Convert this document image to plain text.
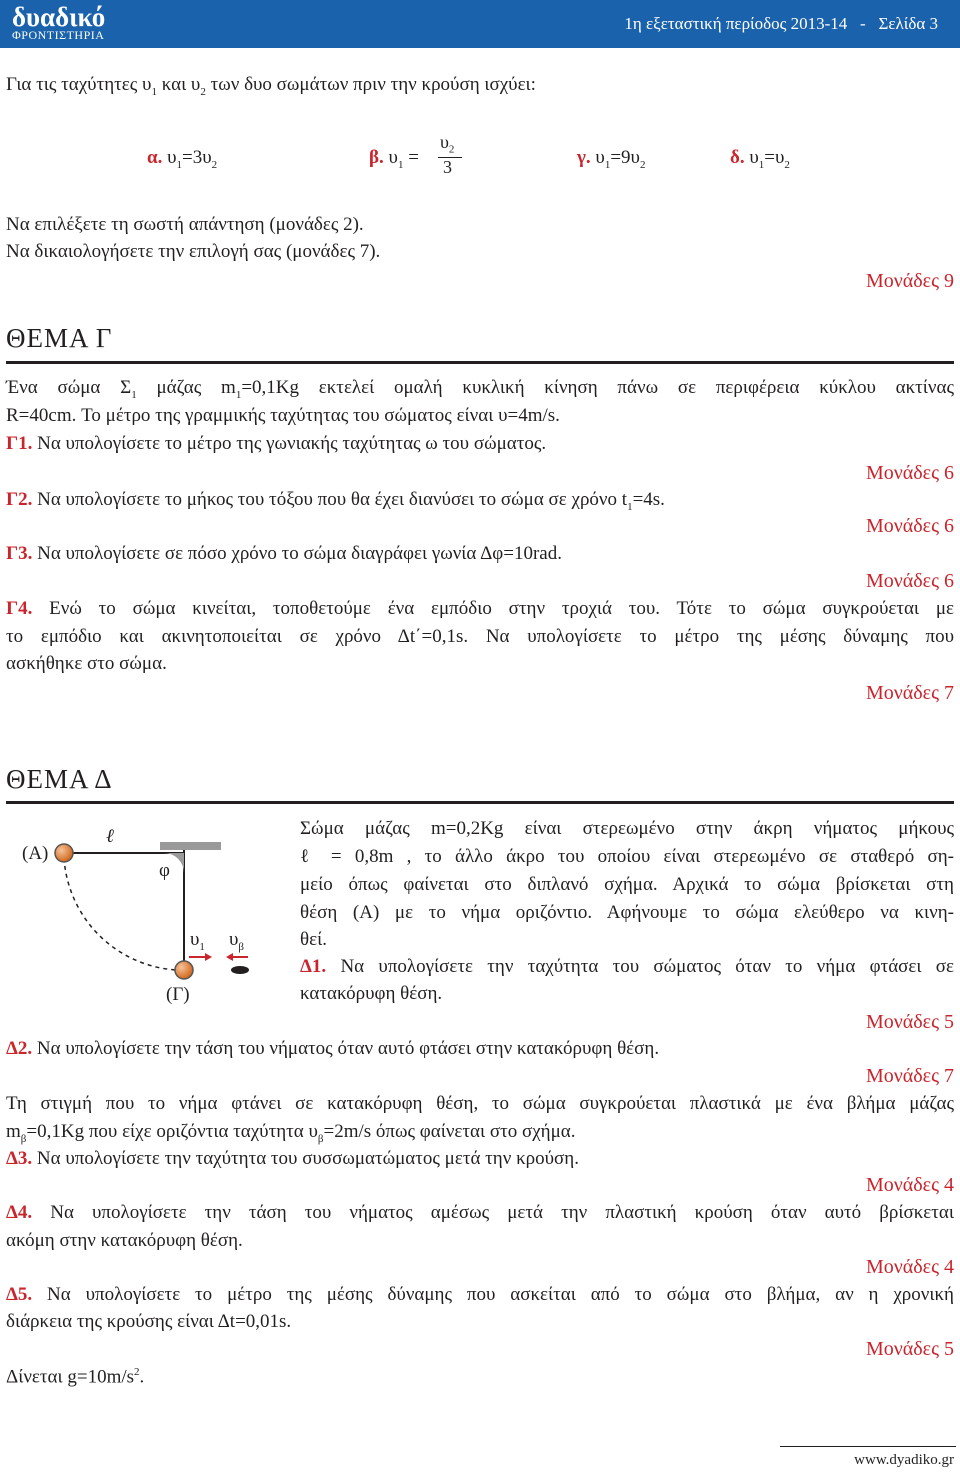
δυαδικό
ΦΡΟΝΤΙΣΤΗΡΙΑ
1η εξεταστική περίοδος 2013-14 - Σελίδα 3
Για τις ταχύτητες $\upsilon_1$ και $\upsilon_2$ των δυο σωμάτων πριν την κρούση ισχύει:
α. $\upsilon_1=3\upsilon_2$	β. $\upsilon_1$ =
$\upsilon_2$
3	γ. $\upsilon_1=9\upsilon_2$	δ. $\upsilon_1=\upsilon_2$
Να επιλέξετε τη σωστή απάντηση (μονάδες 2).
Να δικαιολογήσετε την επιλογή σας (μονάδες 7).
Μονάδες 9
ΘΕΜΑ Γ
Ένα σώμα $\Sigma_1$ μάζας $m_1=0,1Kg$ εκτελεί ομαλή κυκλική κίνηση πάνω σε περιφέρεια κύκλου ακτίνας
R=40cm. Το μέτρο της γραμμικής ταχύτητας του σώματος είναι υ=4m/s.
Γ1. Να υπολογίσετε το μέτρο της γωνιακής ταχύτητας ω του σώματος.
Μονάδες 6
Γ2. Να υπολογίσετε το μήκος του τόξου που θα έχει διανύσει το σώμα σε χρόνο $t_1=4s$.
Μονάδες 6
Γ3. Να υπολογίσετε σε πόσο χρόνο το σώμα διαγράφει γωνία Δφ=10rad.
Μονάδες 6
Γ4. Ενώ το σώμα κινείται, τοποθετούμε ένα εμπόδιο στην τροχιά του. Τότε το σώμα συγκρούεται με
το εμπόδιο και ακινητοποιείται σε χρόνο Δt΄=0,1s. Να υπολογίσετε το μέτρο της μέσης δύναμης που
ασκήθηκε στο σώμα.
Μονάδες 7
ΘΕΜΑ Δ
(Α)
ℓ
φ
$\upsilon_1$ $\upsilon_\beta$
(Γ)
Σώμα μάζας m=0,2Kg είναι στερεωμένο στην άκρη νήματος μήκους
ℓ = 0,8m , το άλλο άκρο του οποίου είναι στερεωμένο σε σταθερό ση-
μείο όπως φαίνεται στο διπλανό σχήμα. Αρχικά το σώμα βρίσκεται στη
θέση (Α) με το νήμα οριζόντιο. Αφήνουμε το σώμα ελεύθερο να κινη-
θεί.
Δ1. Να υπολογίσετε την ταχύτητα του σώματος όταν το νήμα φτάσει σε
κατακόρυφη θέση.
Μονάδες 5
Δ2. Να υπολογίσετε την τάση του νήματος όταν αυτό φτάσει στην κατακόρυφη θέση.
Μονάδες 7
Τη στιγμή που το νήμα φτάνει σε κατακόρυφη θέση, το σώμα συγκρούεται πλαστικά με ένα βλήμα μάζας
$m_\beta=0,1Kg$ που είχε οριζόντια ταχύτητα $\upsilon_\beta=2m/s$ όπως φαίνεται στο σχήμα.
Δ3. Να υπολογίσετε την ταχύτητα του συσσωματώματος μετά την κρούση.
Μονάδες 4
Δ4. Να υπολογίσετε την τάση του νήματος αμέσως μετά την πλαστική κρούση όταν αυτό βρίσκεται
ακόμη στην κατακόρυφη θέση.
Μονάδες 4
Δ5. Να υπολογίσετε το μέτρο της μέσης δύναμης που ασκείται από το σώμα στο βλήμα, αν η χρονική
διάρκεια της κρούσης είναι Δt=0,01s.
Μονάδες 5
Δίνεται $g=10m/s^2$.
www.dyadiko.gr
